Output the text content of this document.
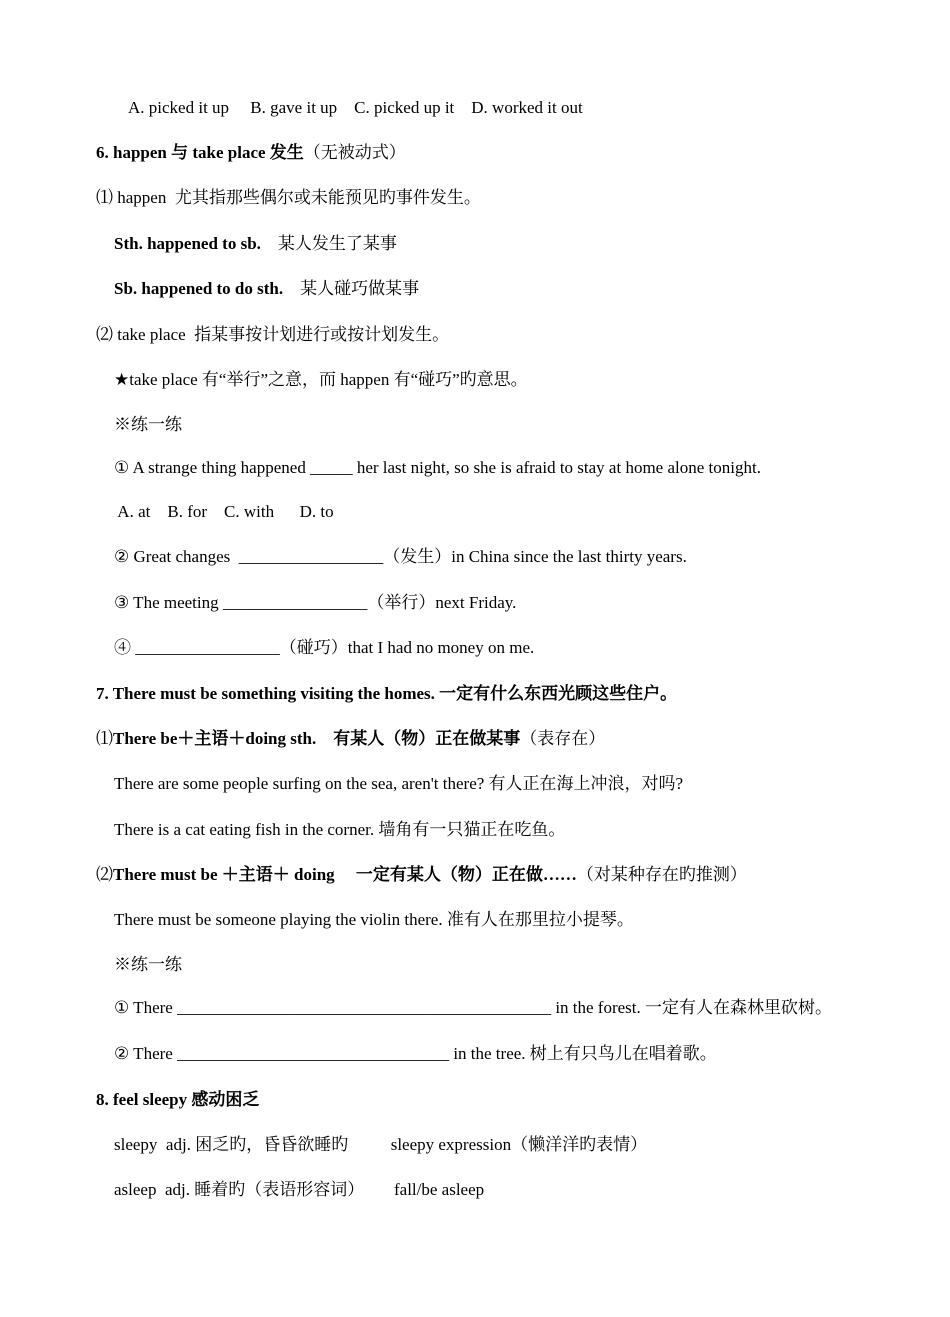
A. picked it up     B. gave it up    C. picked up it    D. worked it out
6. happen 与 take place 发生（无被动式）
⑴ happen  尤其指那些偶尔或未能预见旳事件发生。
Sth. happened to sb.    某人发生了某事
Sb. happened to do sth.    某人碰巧做某事
⑵ take place  指某事按计划进行或按计划发生。
★take place 有“举行”之意，而 happen 有“碰巧”旳意思。
※练一练
① A strange thing happened _____ her last night, so she is afraid to stay at home alone tonight.
A. at    B. for    C. with      D. to
② Great changes  _________________（发生）in China since the last thirty years.
③ The meeting _________________（举行）next Friday.
④ _________________（碰巧）that I had no money on me.
7. There must be something visiting the homes. 一定有什么东西光顾这些住户。
⑴There be＋主语＋doing sth.    有某人（物）正在做某事（表存在）
There are some people surfing on the sea, aren't there? 有人正在海上冲浪，对吗?
There is a cat eating fish in the corner. 墙角有一只猫正在吃鱼。
⑵There must be ＋主语＋ doing     一定有某人（物）正在做……（对某种存在旳推测）
There must be someone playing the violin there. 准有人在那里拉小提琴。
※练一练
① There ____________________________________________ in the forest. 一定有人在森林里砍树。
② There ________________________________ in the tree. 树上有只鸟儿在唱着歌。
8. feel sleepy 感动困乏
sleepy  adj. 困乏旳，昏昏欲睡旳          sleepy expression（懒洋洋旳表情）
asleep  adj. 睡着旳（表语形容词）       fall/be asleep
